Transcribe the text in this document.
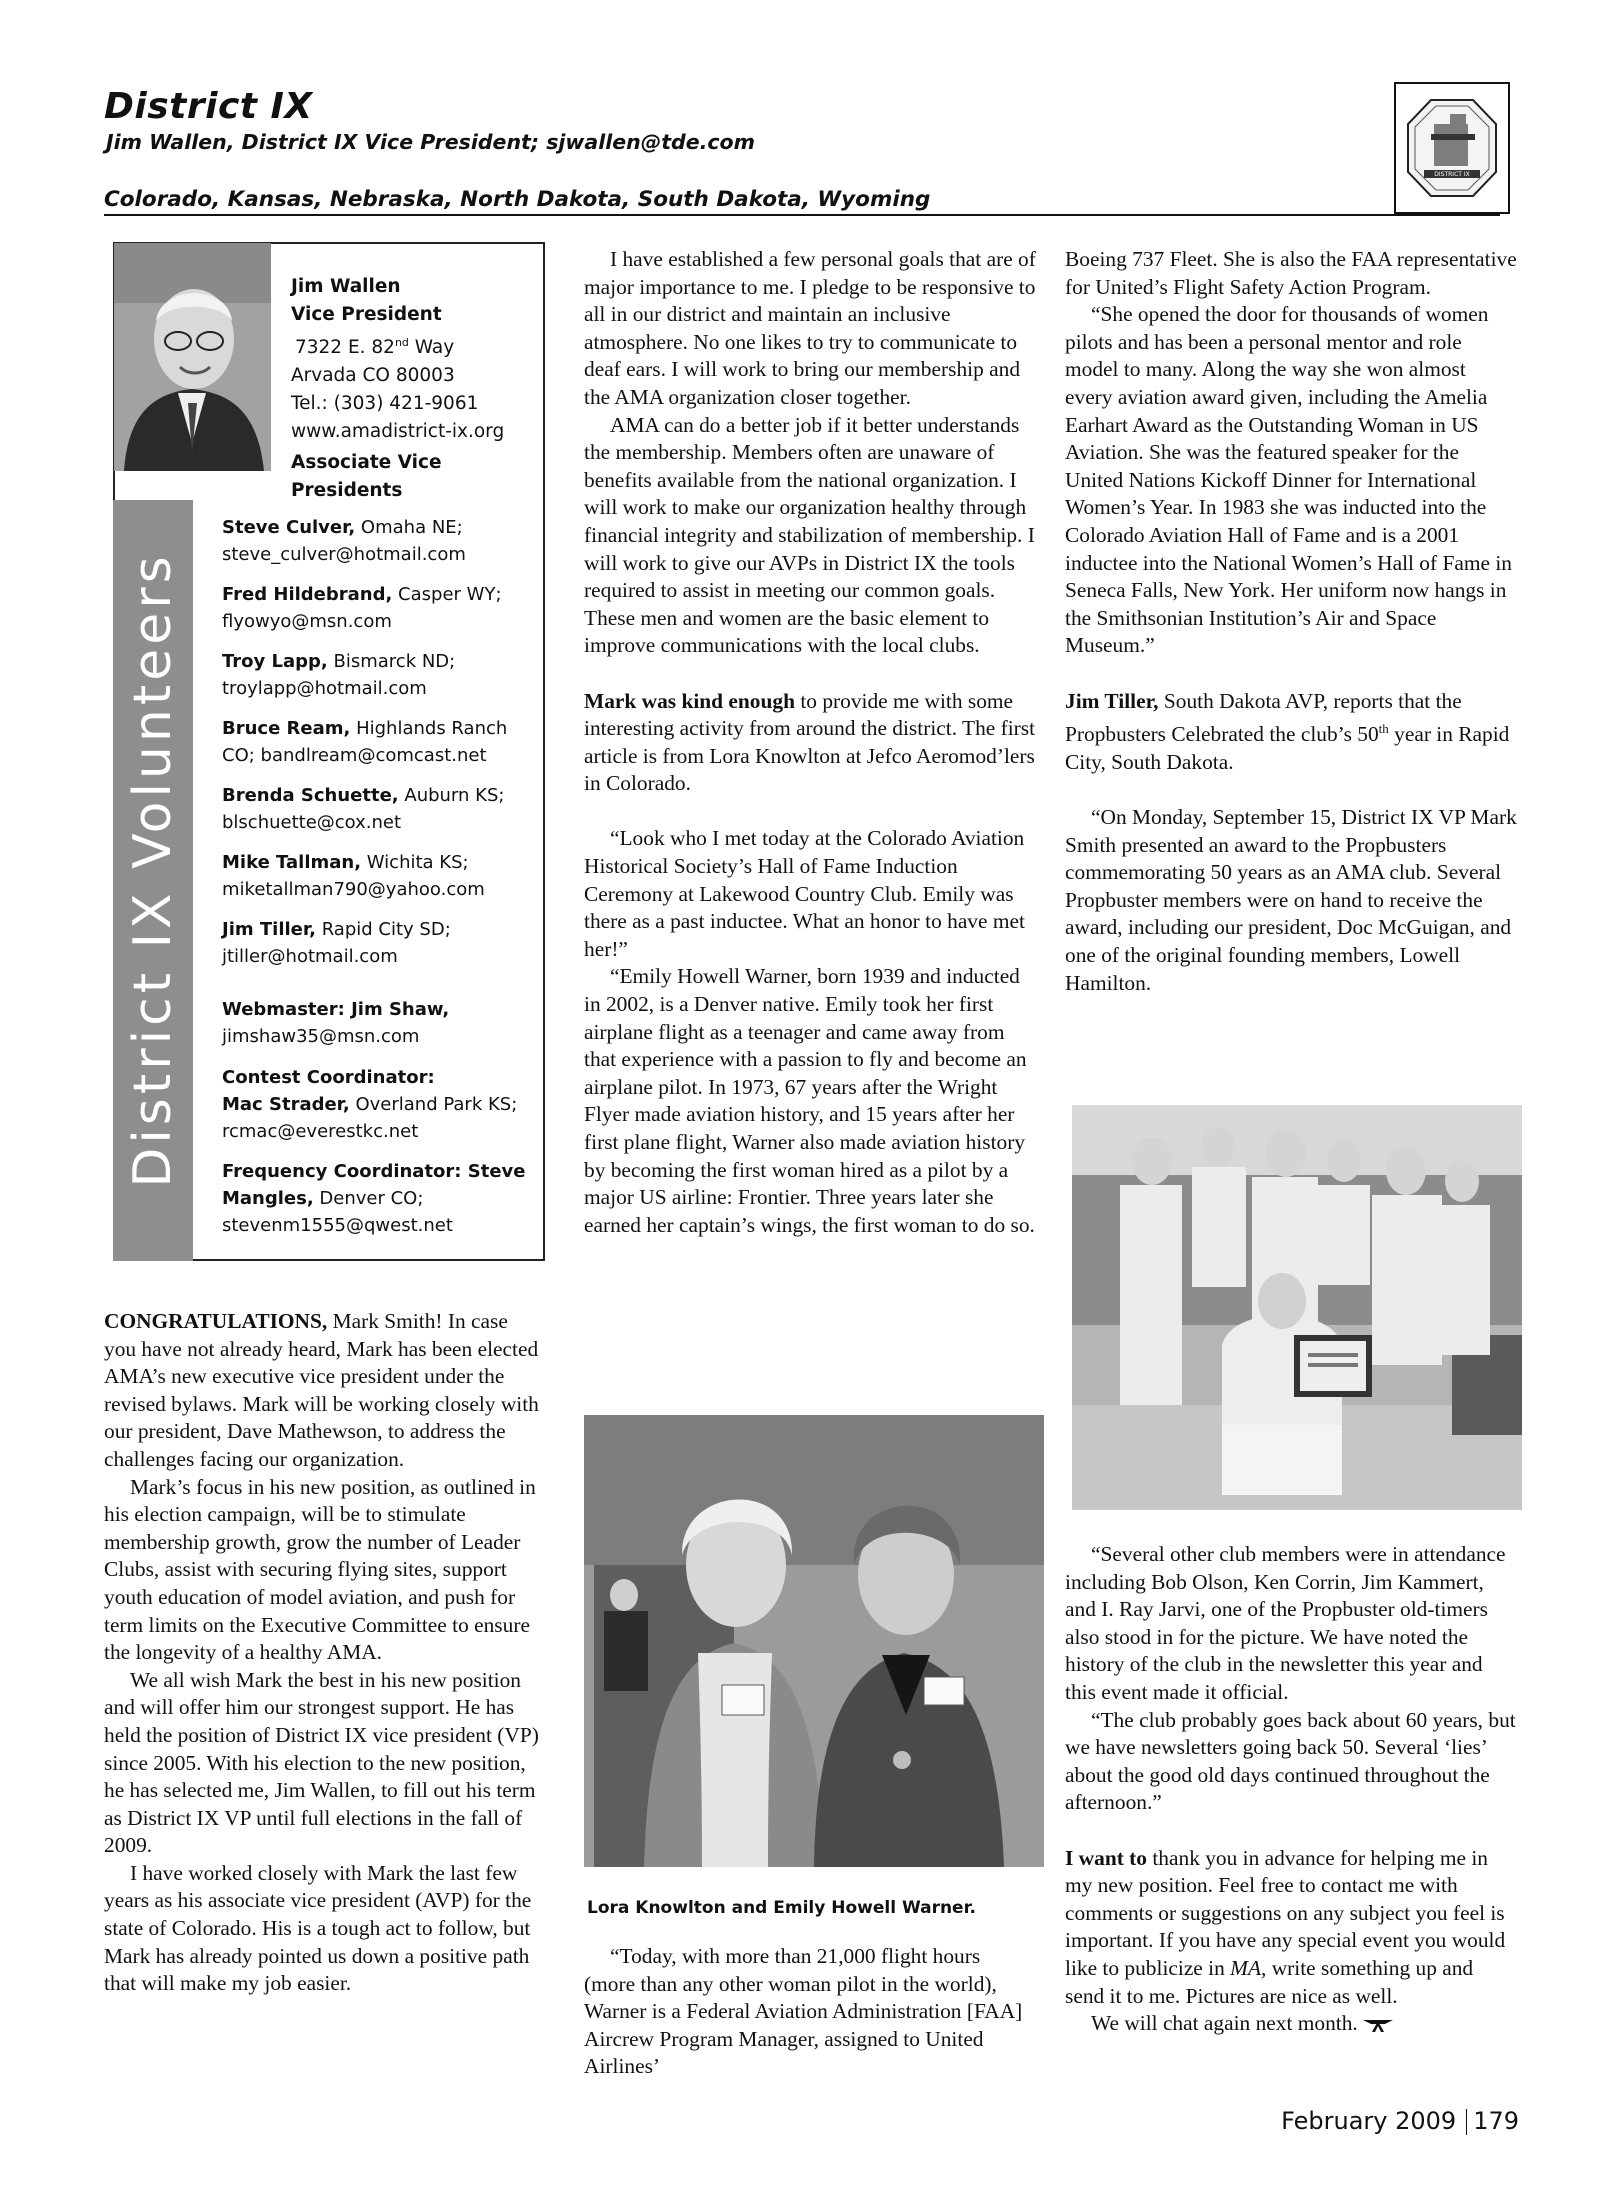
District IX
Jim Wallen, District IX Vice President; sjwallen@tde.com
Colorado, Kansas, Nebraska, North Dakota, South Dakota, Wyoming
DISTRICT IX
District IX Volunteers
Jim Wallen
Vice President
7322 E. 82nd Way
Arvada CO 80003
Tel.: (303) 421-9061
www.amadistrict-ix.org
Associate Vice Presidents
Steve Culver, Omaha NE;
steve_culver@hotmail.com
Fred Hildebrand, Casper WY;
flyowyo@msn.com
Troy Lapp, Bismarck ND;
troylapp@hotmail.com
Bruce Ream, Highlands Ranch
CO; bandlream@comcast.net
Brenda Schuette, Auburn KS;
blschuette@cox.net
Mike Tallman, Wichita KS;
miketallman790@yahoo.com
Jim Tiller, Rapid City SD;
jtiller@hotmail.com
Webmaster: Jim Shaw,
jimshaw35@msn.com
Contest Coordinator:
Mac Strader, Overland Park KS;
rcmac@everestkc.net
Frequency Coordinator: Steve
Mangles, Denver CO;
stevenm1555@qwest.net

CONGRATULATIONS, Mark Smith! In case you have not already heard, Mark has been elected AMA’s new executive vice president under the revised bylaws. Mark will be working closely with our president, Dave Mathewson, to address the challenges facing our organization.

Mark’s focus in his new position, as outlined in his election campaign, will be to stimulate membership growth, grow the number of Leader Clubs, assist with securing flying sites, support youth education of model aviation, and push for term limits on the Executive Committee to ensure the longevity of a healthy AMA.

We all wish Mark the best in his new position and will offer him our strongest support. He has held the position of District IX vice president (VP) since 2005. With his election to the new position, he has selected me, Jim Wallen, to fill out his term as District IX VP until full elections in the fall of 2009.

I have worked closely with Mark the last few years as his associate vice president (AVP) for the state of Colorado. His is a tough act to follow, but Mark has already pointed us down a positive path that will make my job easier.

I have established a few personal goals that are of major importance to me. I pledge to be responsive to all in our district and maintain an inclusive atmosphere. No one likes to try to communicate to deaf ears. I will work to bring our membership and the AMA organization closer together.

AMA can do a better job if it better understands the membership. Members often are unaware of benefits available from the national organization. I will work to make our organization healthy through financial integrity and stabilization of membership. I will work to give our AVPs in District IX the tools required to assist in meeting our common goals. These men and women are the basic element to improve communications with the local clubs.

Mark was kind enough to provide me with some interesting activity from around the district. The first article is from Lora Knowlton at Jefco Aeromod’lers in Colorado.

“Look who I met today at the Colorado Aviation Historical Society’s Hall of Fame Induction Ceremony at Lakewood Country Club. Emily was there as a past inductee. What an honor to have met her!”

“Emily Howell Warner, born 1939 and inducted in 2002, is a Denver native. Emily took her first airplane flight as a teenager and came away from that experience with a passion to fly and become an airplane pilot. In 1973, 67 years after the Wright Flyer made aviation history, and 15 years after her first plane flight, Warner also made aviation history by becoming the first woman hired as a pilot by a major US airline: Frontier. Three years later she earned her captain’s wings, the first woman to do so.

Lora Knowlton and Emily Howell Warner.

“Today, with more than 21,000 flight hours (more than any other woman pilot in the world), Warner is a Federal Aviation Administration [FAA] Aircrew Program Manager, assigned to United Airlines’

Boeing 737 Fleet. She is also the FAA representative for United’s Flight Safety Action Program.

“She opened the door for thousands of women pilots and has been a personal mentor and role model to many. Along the way she won almost every aviation award given, including the Amelia Earhart Award as the Outstanding Woman in US Aviation. She was the featured speaker for the United Nations Kickoff Dinner for International Women’s Year. In 1983 she was inducted into the Colorado Aviation Hall of Fame and is a 2001 inductee into the National Women’s Hall of Fame in Seneca Falls, New York. Her uniform now hangs in the Smithsonian Institution’s Air and Space Museum.”

Jim Tiller, South Dakota AVP, reports that the Propbusters Celebrated the club’s 50th year in Rapid City, South Dakota.

“On Monday, September 15, District IX VP Mark Smith presented an award to the Propbusters commemorating 50 years as an AMA club. Several Propbuster members were on hand to receive the award, including our president, Doc McGuigan, and one of the original founding members, Lowell Hamilton.

“Several other club members were in attendance including Bob Olson, Ken Corrin, Jim Kammert, and I. Ray Jarvi, one of the Propbuster old-timers also stood in for the picture. We have noted the history of the club in the newsletter this year and this event made it official.

“The club probably goes back about 60 years, but we have newsletters going back 50. Several ‘lies’ about the good old days continued throughout the afternoon.”

I want to thank you in advance for helping me in my new position. Feel free to contact me with comments or suggestions on any subject you feel is important. If you have any special event you would like to publicize in MA, write something up and send it to me. Pictures are nice as well.

We will chat again next month.

February 2009 179
